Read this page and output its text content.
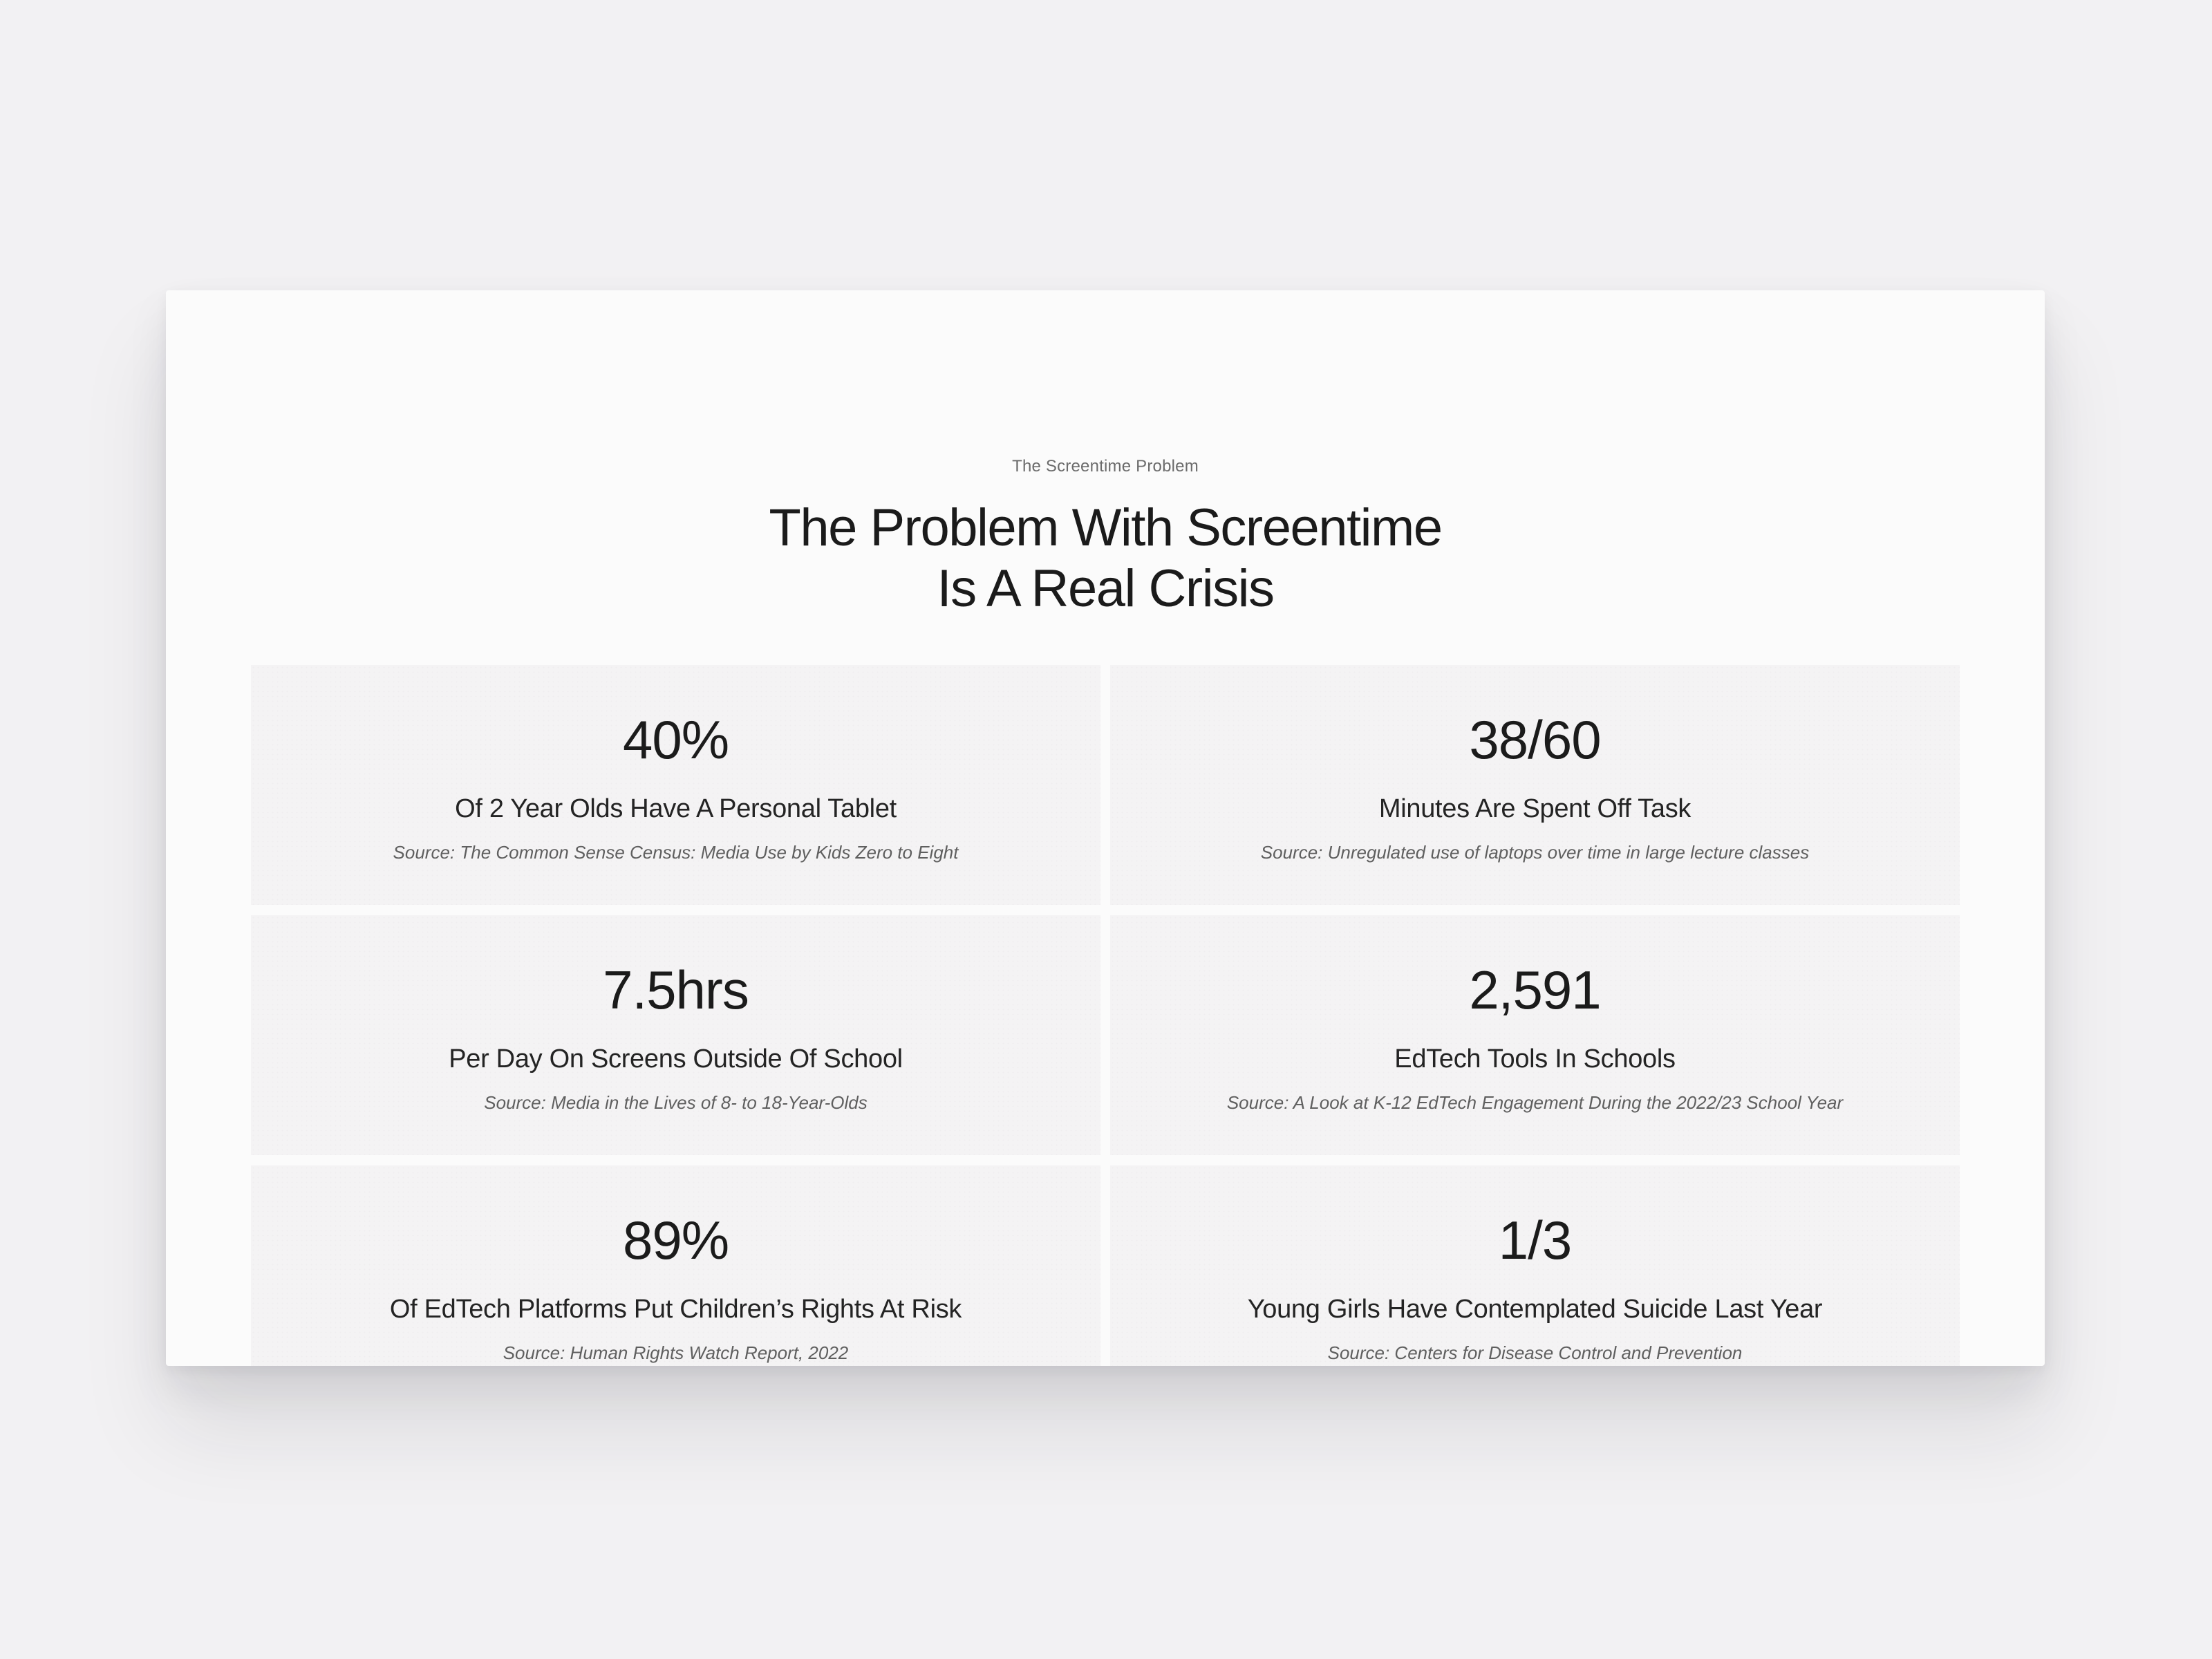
The Screentime Problem
The Problem With Screentime
Is A Real Crisis
40%
Of 2 Year Olds Have A Personal Tablet
Source: The Common Sense Census: Media Use by Kids Zero to Eight
38/60
Minutes Are Spent Off Task
Source: Unregulated use of laptops over time in large lecture classes
7.5hrs
Per Day On Screens Outside Of School
Source: Media in the Lives of 8- to 18-Year-Olds
2,591
EdTech Tools In Schools
Source: A Look at K-12 EdTech Engagement During the 2022/23 School Year
89%
Of EdTech Platforms Put Children’s Rights At Risk
Source: Human Rights Watch Report, 2022
1/3
Young Girls Have Contemplated Suicide Last Year
Source: Centers for Disease Control and Prevention
